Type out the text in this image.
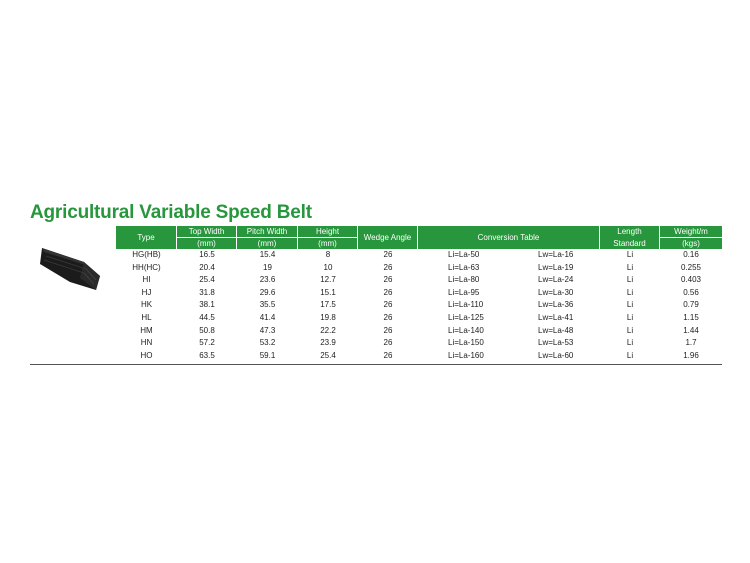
Agricultural Variable Speed Belt
Type	Top Width	Pitch Width	Height	Wedge Angle	Conversion Table	Length	Weight/m
	(mm)	(mm)	(mm)			Standard	(kgs)
HG(HB)	16.5	15.4	8	26	Li=La-50 Lw=La-16	Li	0.16
HH(HC)	20.4	19	10	26	Li=La-63 Lw=La-19	Li	0.255
HI	25.4	23.6	12.7	26	Li=La-80 Lw=La-24	Li	0.403
HJ	31.8	29.6	15.1	26	Li=La-95 Lw=La-30	Li	0.56
HK	38.1	35.5	17.5	26	Li=La-110 Lw=La-36	Li	0.79
HL	44.5	41.4	19.8	26	Li=La-125 Lw=La-41	Li	1.15
HM	50.8	47.3	22.2	26	Li=La-140 Lw=La-48	Li	1.44
HN	57.2	53.2	23.9	26	Li=La-150 Lw=La-53	Li	1.7
HO	63.5	59.1	25.4	26	Li=La-160 Lw=La-60	Li	1.96
